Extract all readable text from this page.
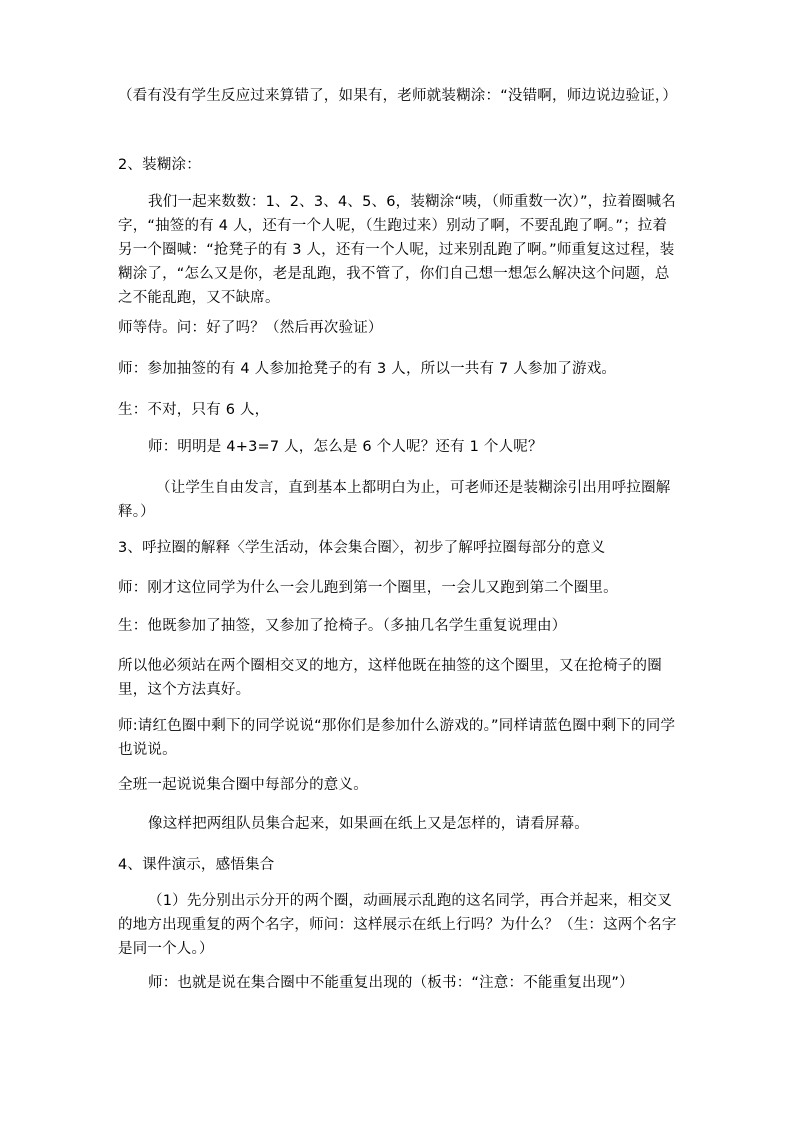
（看有没有学生反应过来算错了，如果有，老师就装糊涂：“没错啊，师边说边验证，）

2、装糊涂：

我们一起来数数：1、2、3、4、5、6，装糊涂“咦，（师重数一次）”，拉着圈喊名字，“抽签的有 4 人，还有一个人呢，（生跑过来）别动了啊，不要乱跑了啊。”；拉着另一个圈喊：“抢凳子的有 3 人，还有一个人呢，过来别乱跑了啊。”师重复这过程，装糊涂了，“怎么又是你，老是乱跑，我不管了，你们自己想一想怎么解决这个问题，总之不能乱跑，又不缺席。

师等侍。问：好了吗？（然后再次验证）

师：参加抽签的有 4 人参加抢凳子的有 3 人，所以一共有 7 人参加了游戏。

生：不对，只有 6 人，

师：明明是 4+3=7 人，怎么是 6 个人呢？还有 1 个人呢？

（让学生自由发言，直到基本上都明白为止，可老师还是装糊涂引出用呼拉圈解释。）

3、呼拉圈的解释〈学生活动，体会集合圈〉，初步了解呼拉圈每部分的意义

师：刚才这位同学为什么一会儿跑到第一个圈里，一会儿又跑到第二个圈里。

生：他既参加了抽签，又参加了抢椅子。（多抽几名学生重复说理由）

所以他必须站在两个圈相交叉的地方，这样他既在抽签的这个圈里，又在抢椅子的圈里，这个方法真好。

师:请红色圈中剩下的同学说说“那你们是参加什么游戏的。”同样请蓝色圈中剩下的同学也说说。

全班一起说说集合圈中每部分的意义。

像这样把两组队员集合起来，如果画在纸上又是怎样的，请看屏幕。

4、课件演示，感悟集合

（1）先分别出示分开的两个圈，动画展示乱跑的这名同学，再合并起来，相交叉的地方出现重复的两个名字，师问：这样展示在纸上行吗？为什么？（生：这两个名字是同一个人。）

师：也就是说在集合圈中不能重复出现的（板书：“注意：不能重复出现”）
